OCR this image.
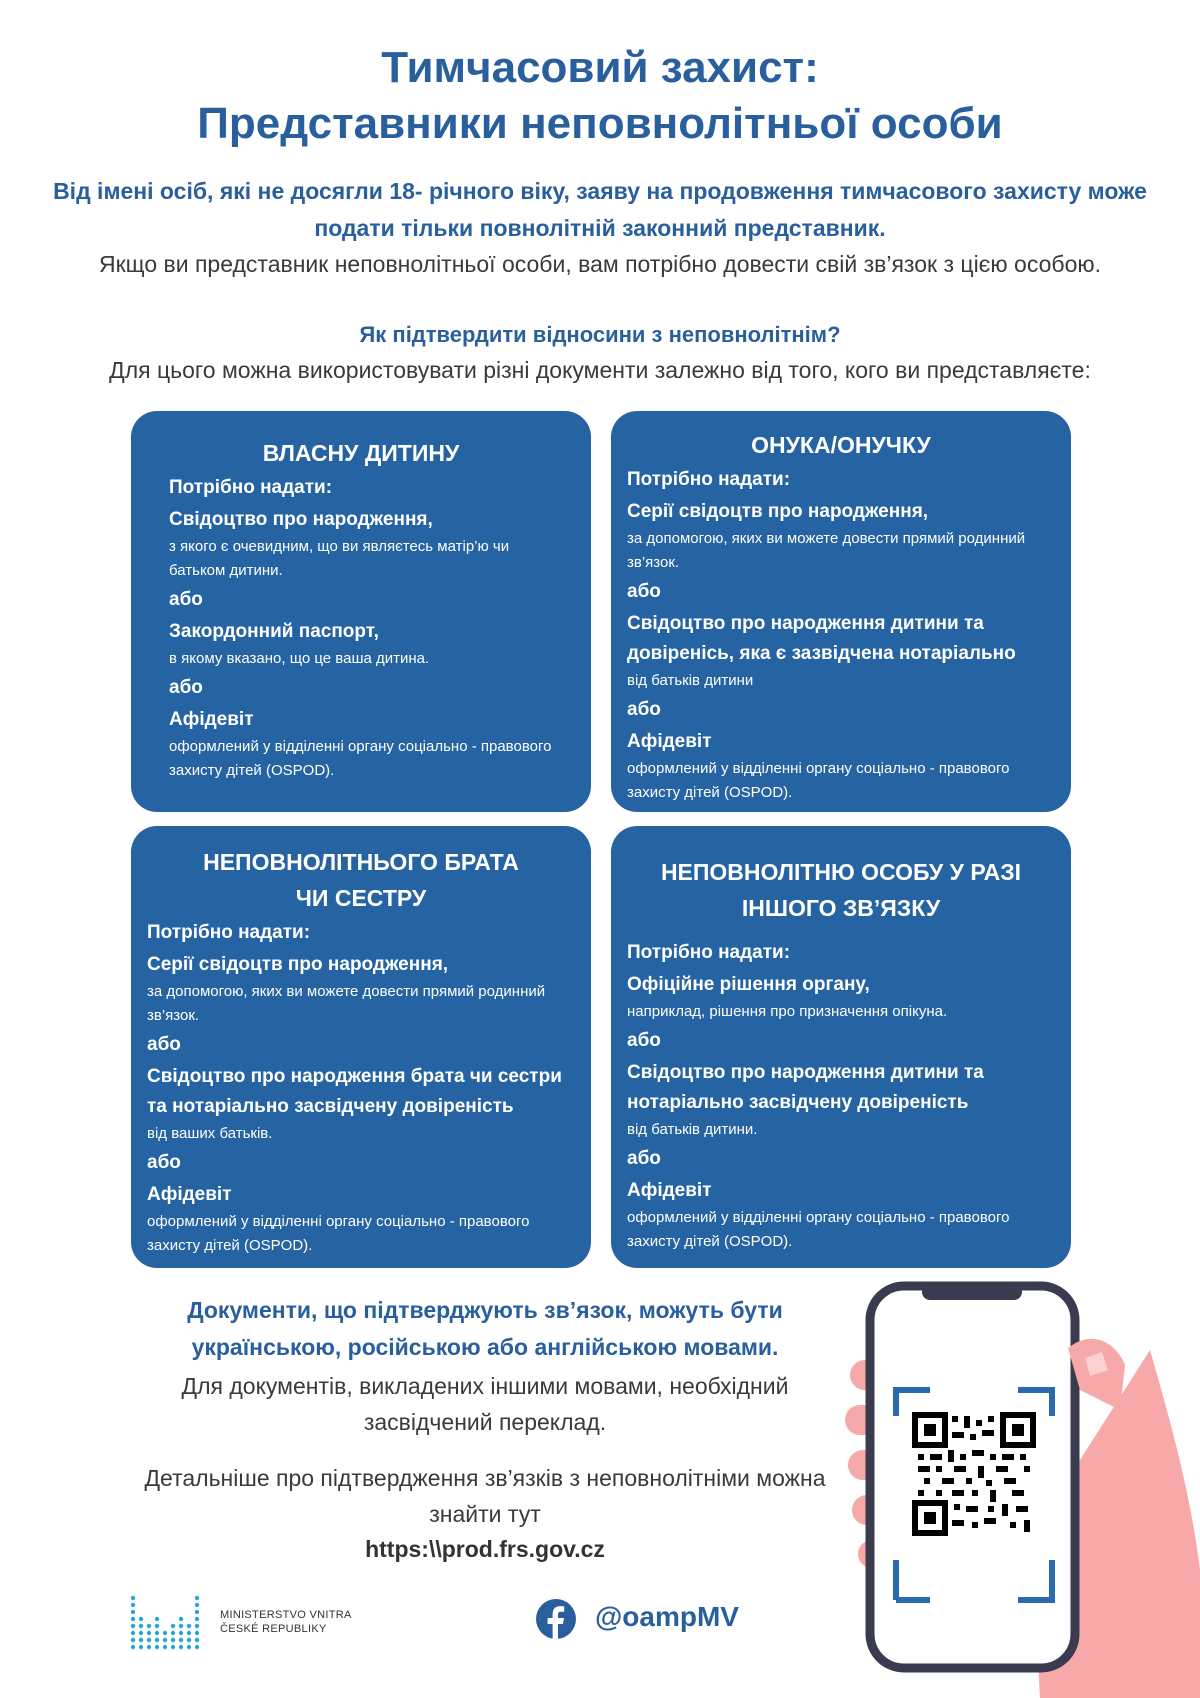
Тимчасовий захист:
Представники неповнолітньої особи
Від імені осіб, які не досягли 18- річного віку, заяву на продовження тимчасового захисту може подати тільки повнолітній законний представник.
Якщо ви представник неповнолітньої особи, вам потрібно довести свій зв’язок з цією особою.
Як підтвердити відносини з неповнолітнім?
Для цього можна використовувати різні документи залежно від того, кого ви представляєте:
ВЛАСНУ ДИТИНУ
Потрібно надати:
Свідоцтво про народження,
з якого є очевидним, що ви являєтесь матір’ю чи батьком дитини.
або
Закордонний паспорт,
в якому вказано, що це ваша дитина.
або
Афідевіт
оформлений у відділенні органу соціально - правового захисту дітей (OSPOD).
ОНУКА/ОНУЧКУ
Потрібно надати:
Серії свідоцтв про народження,
за допомогою, яких ви можете довести прямий родинний зв’язок.
або
Свідоцтво про народження дитини та довіренісь, яка є зазвідчена нотаріально
від батьків дитини
або
Афідевіт
оформлений у відділенні органу соціально - правового захисту дітей (OSPOD).
НЕПОВНОЛІТНЬОГО БРАТА
ЧИ СЕСТРУ
Потрібно надати:
Серії свідоцтв про народження,
за допомогою, яких ви можете довести прямий родинний зв’язок.
або
Свідоцтво про народження брата чи сестри та нотаріально засвідчену довіреність
від ваших батьків.
або
Афідевіт
оформлений у відділенні органу соціально - правового захисту дітей (OSPOD).
НЕПОВНОЛІТНЮ ОСОБУ У РАЗІ
ІНШОГО ЗВ’ЯЗКУ
Потрібно надати:
Офіційне рішення органу,
наприклад, рішення про призначення опікуна.
або
Свідоцтво про народження дитини та нотаріально засвідчену довіреність
від батьків дитини.
або
Афідевіт
оформлений у відділенні органу соціально - правового захисту дітей (OSPOD).
Документи, що підтверджують зв’язок, можуть бути українською, російською або англійською мовами.
Для документів, викладених іншими мовами, необхідний засвідчений переклад.
Детальніше про підтвердження зв’язків з неповнолітніми можна знайти тут
https:\\prod.frs.gov.cz
MINISTERSTVO VNITRA
ČESKÉ REPUBLIKY	@oampMV
